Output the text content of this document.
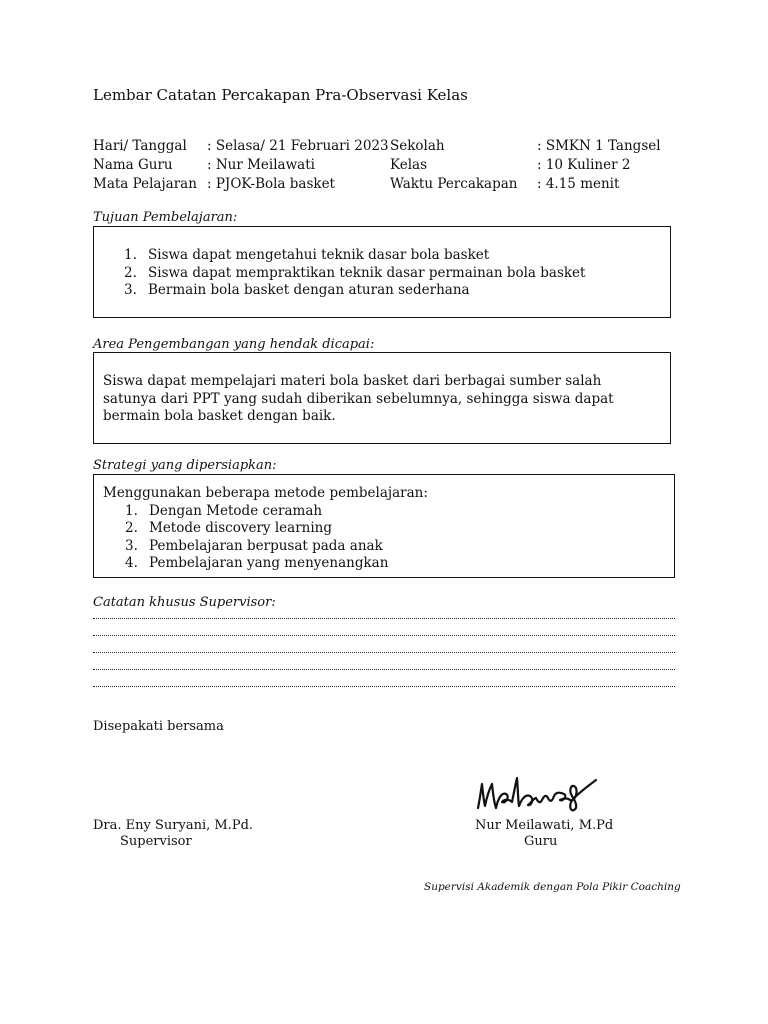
Lembar Catatan Percakapan Pra-Observasi Kelas
Hari/ Tanggal
Nama Guru
Mata Pelajaran
: Selasa/ 21 Februari 2023
: Nur Meilawati
: PJOK-Bola basket
Sekolah
Kelas
Waktu Percakapan
: SMKN 1 Tangsel
: 10 Kuliner 2
: 4.15 menit
Tujuan Pembelajaran:
1. Siswa dapat mengetahui teknik dasar bola basket
2. Siswa dapat mempraktikan teknik dasar permainan bola basket
3. Bermain bola basket dengan aturan sederhana
Area Pengembangan yang hendak dicapai:
Siswa dapat mempelajari materi bola basket dari berbagai sumber salah satunya dari PPT yang sudah diberikan sebelumnya, sehingga siswa dapat bermain bola basket dengan baik.
Strategi yang dipersiapkan:
Menggunakan beberapa metode pembelajaran:
1. Dengan Metode ceramah
2. Metode discovery learning
3. Pembelajaran berpusat pada anak
4. Pembelajaran yang menyenangkan
Catatan khusus Supervisor:
Disepakati bersama
Dra. Eny Suryani, M.Pd.
Supervisor
Nur Meilawati, M.Pd
Guru
Supervisi Akademik dengan Pola Pikir Coaching
